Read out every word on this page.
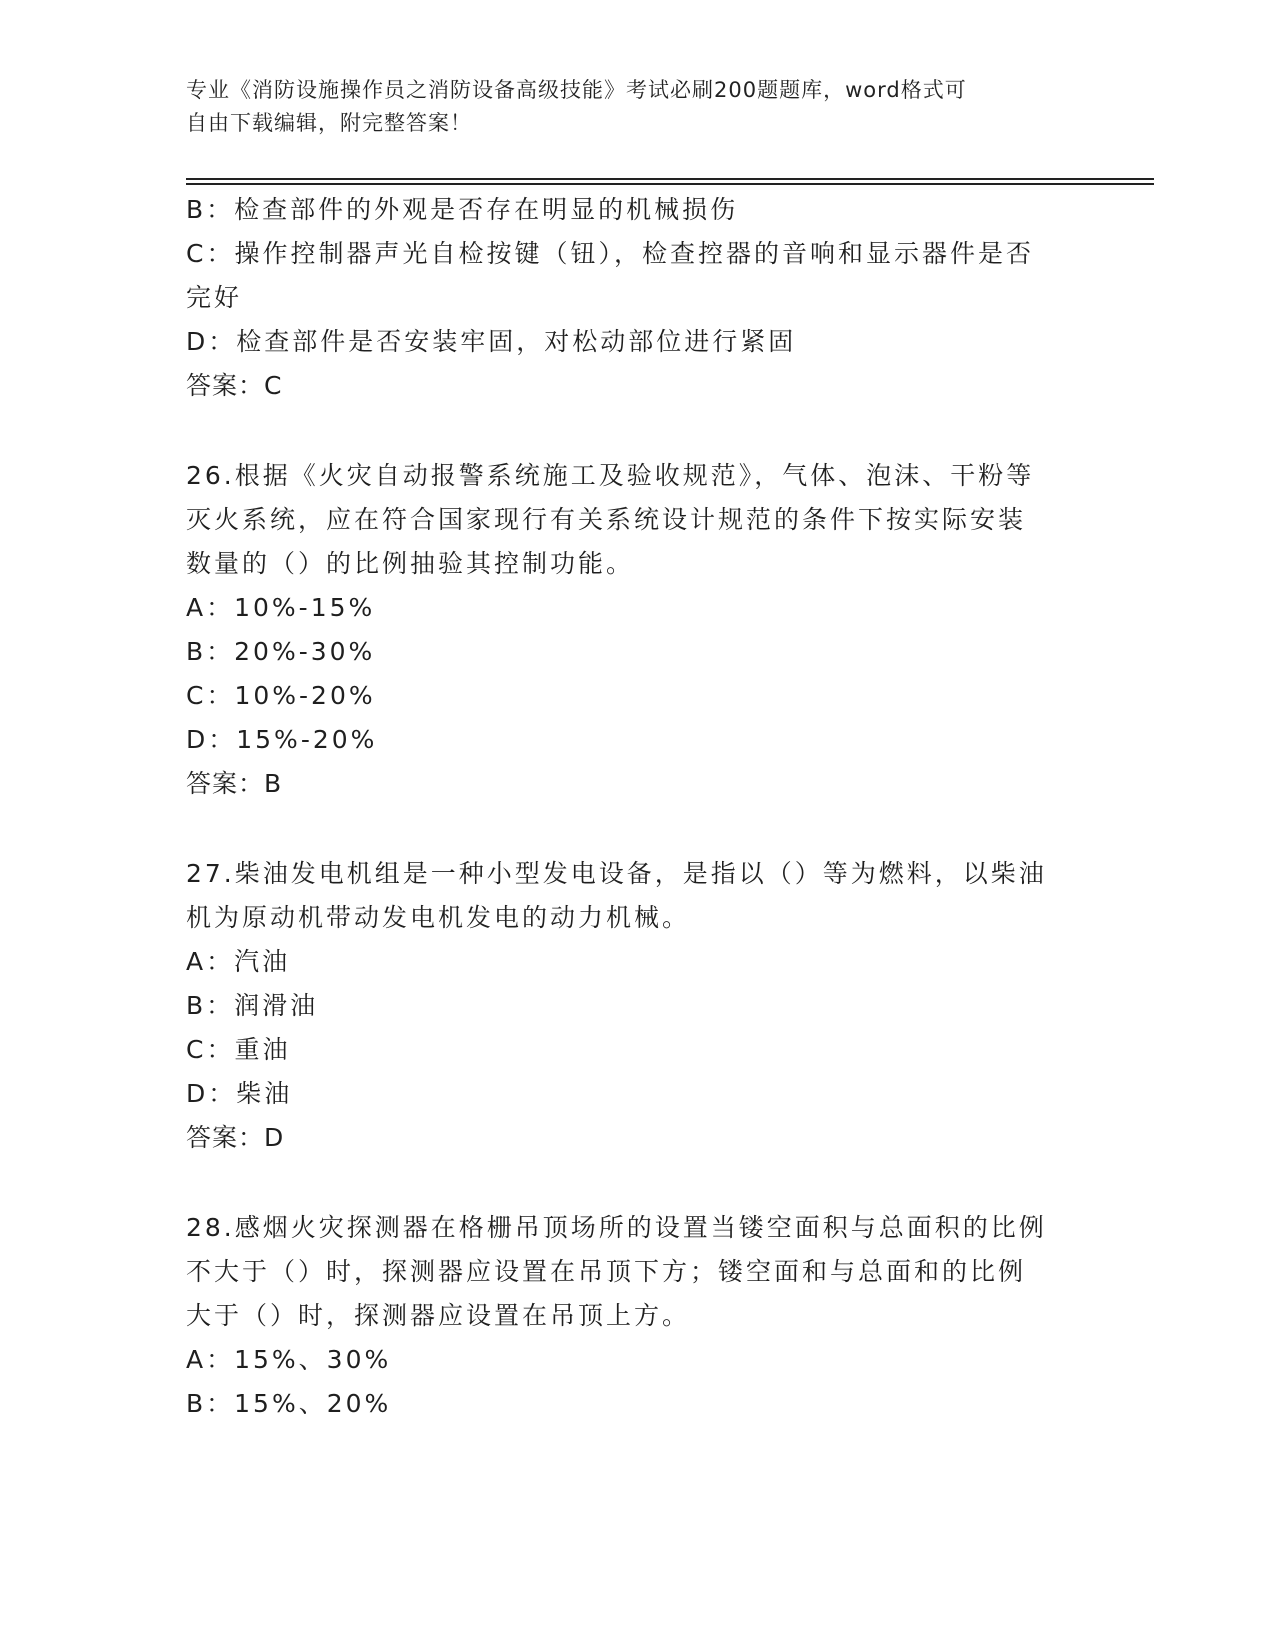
专业《消防设施操作员之消防设备高级技能》考试必刷200题题库，word格式可
自由下载编辑，附完整答案！
B：检查部件的外观是否存在明显的机械损伤
C：操作控制器声光自检按键（钮），检查控器的音响和显示器件是否
完好
D：检查部件是否安装牢固，对松动部位进行紧固
答案：C
26.根据《火灾自动报警系统施工及验收规范》，气体、泡沫、干粉等
灭火系统，应在符合国家现行有关系统设计规范的条件下按实际安装
数量的（）的比例抽验其控制功能。
A：10%-15%
B：20%-30%
C：10%-20%
D：15%-20%
答案：B
27.柴油发电机组是一种小型发电设备，是指以（）等为燃料，以柴油
机为原动机带动发电机发电的动力机械。
A：汽油
B：润滑油
C：重油
D：柴油
答案：D
28.感烟火灾探测器在格栅吊顶场所的设置当镂空面积与总面积的比例
不大于（）时，探测器应设置在吊顶下方；镂空面和与总面和的比例
大于（）时，探测器应设置在吊顶上方。
A：15%、30%
B：15%、20%
